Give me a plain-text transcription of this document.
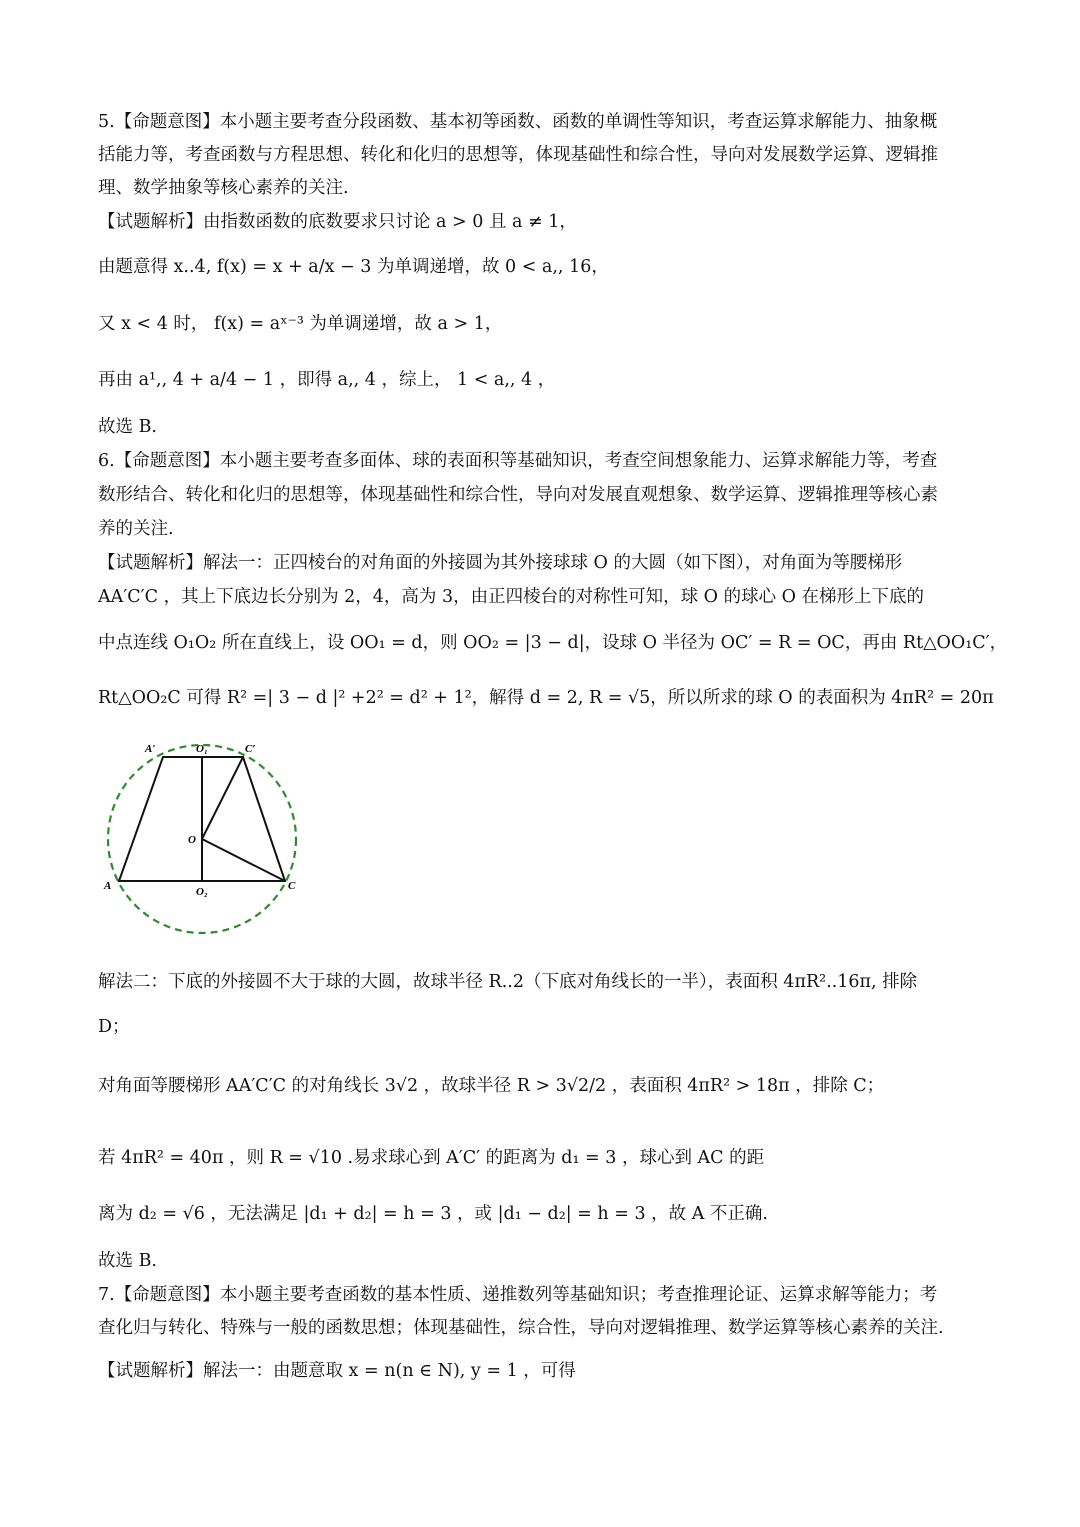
5.【命题意图】本小题主要考查分段函数、基本初等函数、函数的单调性等知识，考查运算求解能力、抽象概
括能力等，考查函数与方程思想、转化和化归的思想等，体现基础性和综合性，导向对发展数学运算、逻辑推
理、数学抽象等核心素养的关注.
【试题解析】由指数函数的底数要求只讨论 a > 0 且 a ≠ 1，
由题意得 x..4, f(x) = x + a/x − 3 为单调递增，故 0 < a,, 16，
又 x < 4 时， f(x) = aˣ⁻³ 为单调递增，故 a > 1，
再由 a¹,, 4 + a/4 − 1 ，即得 a,, 4 ，综上， 1 < a,, 4 ，
故选 B.
6.【命题意图】本小题主要考查多面体、球的表面积等基础知识，考查空间想象能力、运算求解能力等，考查
数形结合、转化和化归的思想等，体现基础性和综合性，导向对发展直观想象、数学运算、逻辑推理等核心素
养的关注.
【试题解析】解法一：正四棱台的对角面的外接圆为其外接球球 O 的大圆（如下图），对角面为等腰梯形
AA′C′C ，其上下底边长分别为 2，4，高为 3，由正四棱台的对称性可知，球 O 的球心 O 在梯形上下底的
中点连线 O₁O₂ 所在直线上，设 OO₁ = d，则 OO₂ = |3 − d|，设球 O 半径为 OC′ = R = OC，再由 Rt△OO₁C′，
Rt△OO₂C 可得 R² =| 3 − d |² +2² = d² + 1²，解得 d = 2, R = √5，所以所求的球 O 的表面积为 4πR² = 20π
A′	O₁	C′
O
A	O₂	C
解法二：下底的外接圆不大于球的大圆，故球半径 R..2（下底对角线长的一半），表面积 4πR²..16π, 排除
D；
对角面等腰梯形 AA′C′C 的对角线长 3√2 ，故球半径 R > 3√2/2 ，表面积 4πR² > 18π ，排除 C；
若 4πR² = 40π ，则 R = √10 .易求球心到 A′C′ 的距离为 d₁ = 3 ，球心到 AC 的距
离为 d₂ = √6 ，无法满足 |d₁ + d₂| = h = 3 ，或 |d₁ − d₂| = h = 3 ，故 A 不正确.
故选 B.
7.【命题意图】本小题主要考查函数的基本性质、递推数列等基础知识；考查推理论证、运算求解等能力；考
查化归与转化、特殊与一般的函数思想；体现基础性，综合性，导向对逻辑推理、数学运算等核心素养的关注.
【试题解析】解法一：由题意取 x = n(n ∈ N), y = 1 ，可得
